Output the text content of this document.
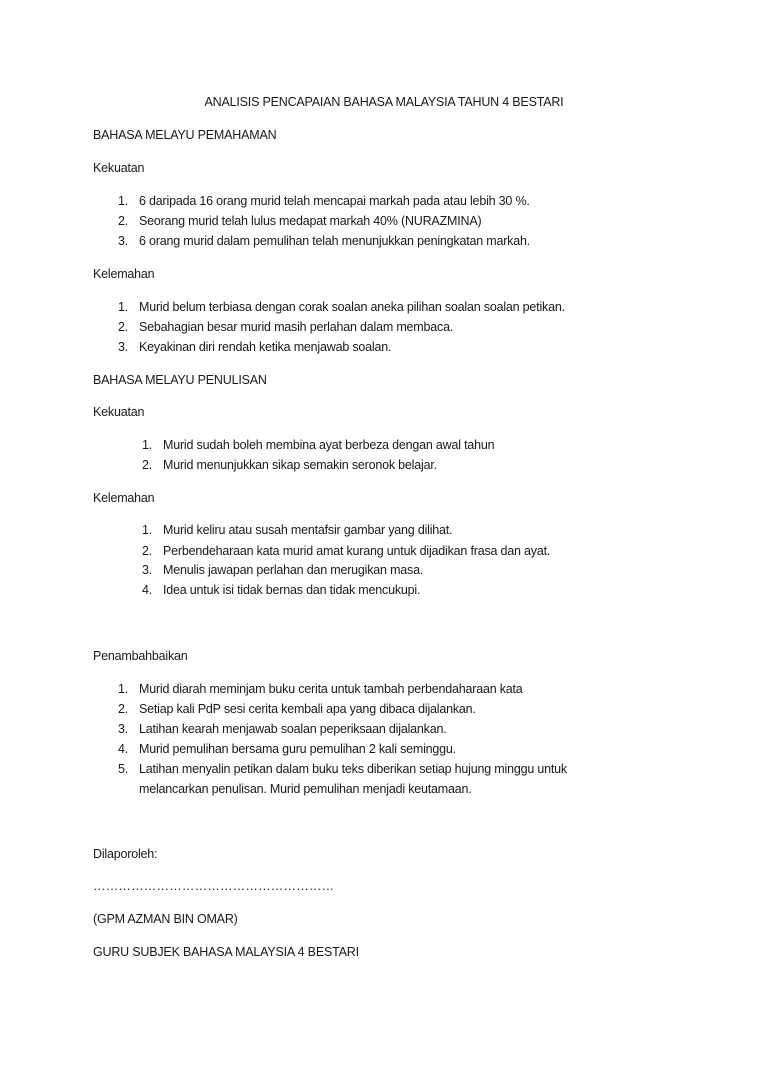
ANALISIS PENCAPAIAN BAHASA MALAYSIA TAHUN 4 BESTARI
BAHASA MELAYU PEMAHAMAN
Kekuatan
1. 6 daripada 16 orang murid telah mencapai markah pada atau lebih 30 %.
2. Seorang murid telah lulus medapat markah 40% (NURAZMINA)
3. 6 orang murid dalam pemulihan telah menunjukkan peningkatan markah.
Kelemahan
1. Murid belum terbiasa dengan corak soalan aneka pilihan soalan soalan petikan.
2. Sebahagian besar murid masih perlahan dalam membaca.
3. Keyakinan diri rendah ketika menjawab soalan.
BAHASA MELAYU PENULISAN
Kekuatan
1. Murid sudah boleh membina ayat berbeza dengan awal tahun
2. Murid menunjukkan sikap semakin seronok belajar.
Kelemahan
1. Murid keliru atau susah mentafsir gambar yang dilihat.
2. Perbendeharaan kata murid amat kurang untuk dijadikan frasa dan ayat.
3. Menulis jawapan perlahan dan merugikan masa.
4. Idea untuk isi tidak bernas dan tidak mencukupi.
Penambahbaikan
1. Murid diarah meminjam buku cerita untuk tambah perbendaharaan kata
2. Setiap kali PdP sesi cerita kembali apa yang dibaca dijalankan.
3. Latihan kearah menjawab soalan peperiksaan dijalankan.
4. Murid pemulihan bersama guru pemulihan 2 kali seminggu.
5. Latihan menyalin petikan dalam buku teks diberikan setiap hujung minggu untuk
melancarkan penulisan. Murid pemulihan menjadi keutamaan.
Dilaporoleh:
…………………………………………………
(GPM AZMAN BIN OMAR)
GURU SUBJEK BAHASA MALAYSIA 4 BESTARI
